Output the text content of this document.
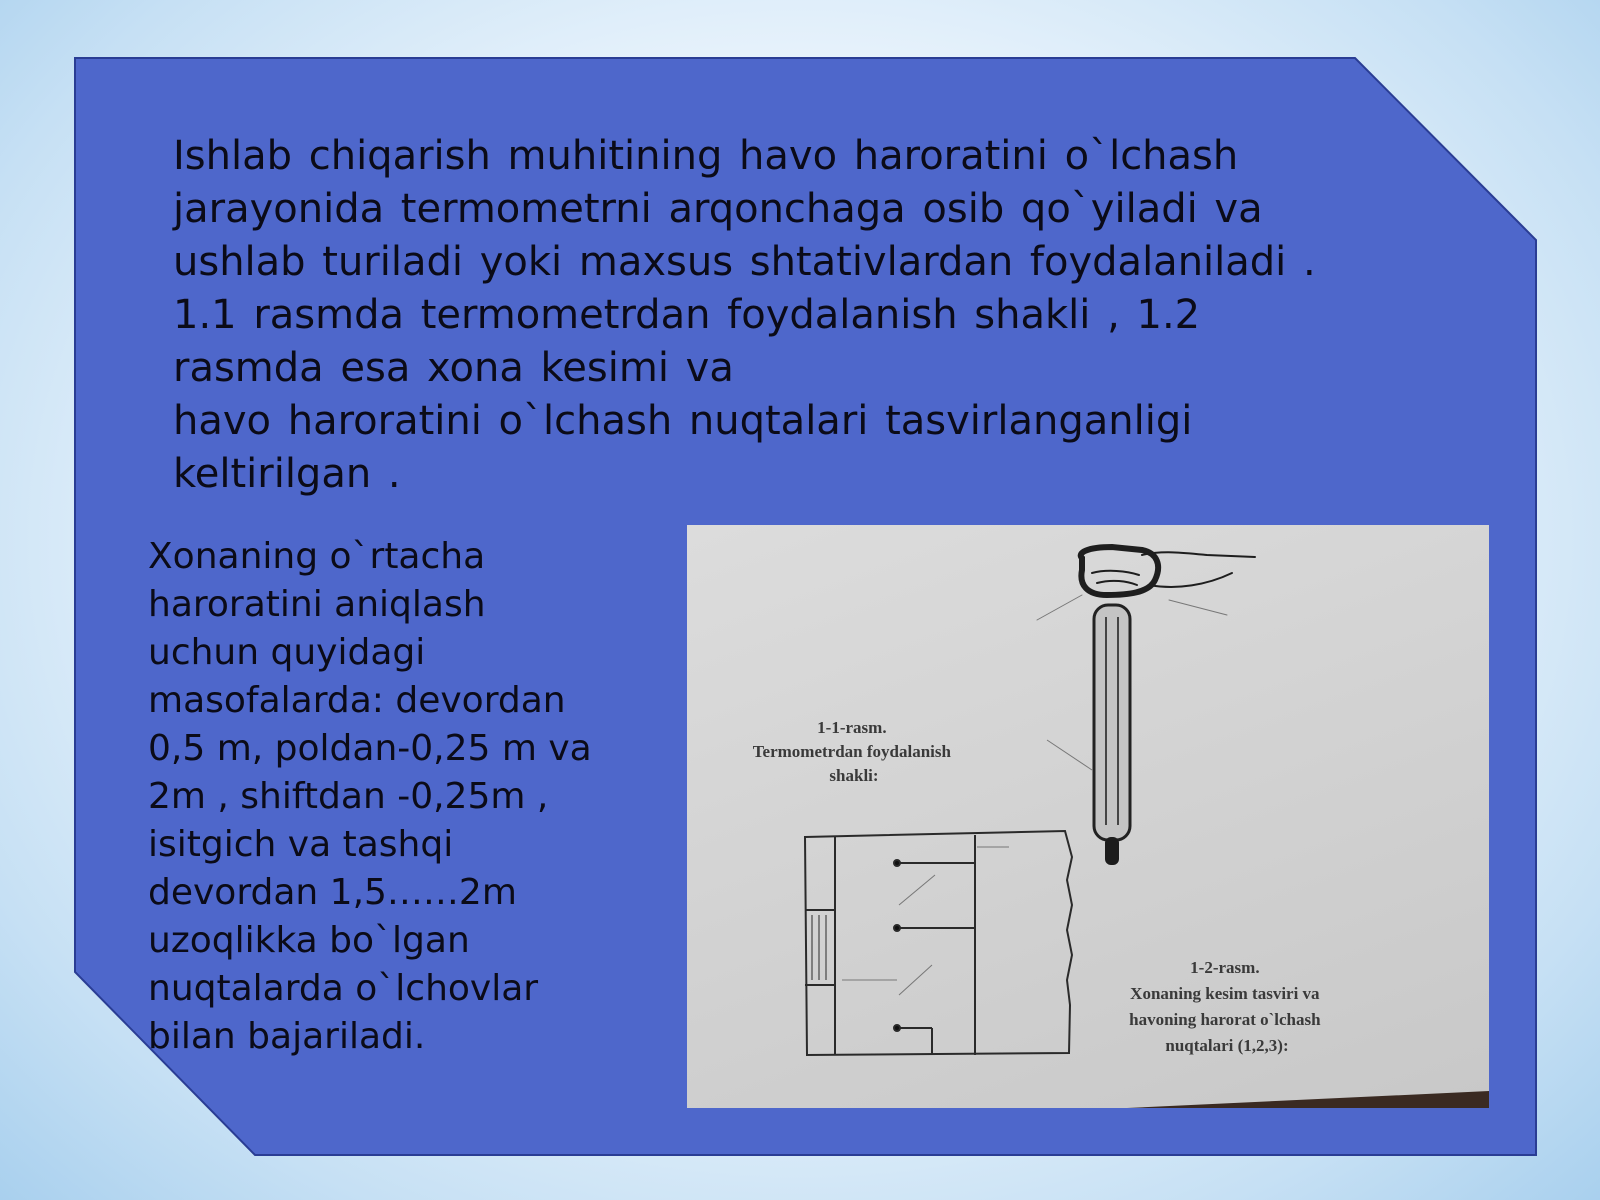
Ishlab chiqarish muhitining havo haroratini o`lchash
jarayonida termometrni arqonchaga osib qo`yiladi va
ushlab turiladi yoki maxsus shtativlardan foydalaniladi .
1.1 rasmda termometrdan foydalanish shakli , 1.2
rasmda esa xona kesimi va
havo haroratini o`lchash nuqtalari tasvirlanganligi
keltirilgan .
Xonaning o`rtacha
haroratini aniqlash
uchun quyidagi
masofalarda: devordan
0,5 m, poldan-0,25 m va
2m , shiftdan -0,25m ,
isitgich va tashqi
devordan 1,5……2m
uzoqlikka bo`lgan
nuqtalarda o`lchovlar
bilan bajariladi.
1-1-rasm. Termometrdan foydalanish shakli:
1-2-rasm. Xonaning kesim tasviri va havoning harorat o`lchash nuqtalari (1,2,3):
